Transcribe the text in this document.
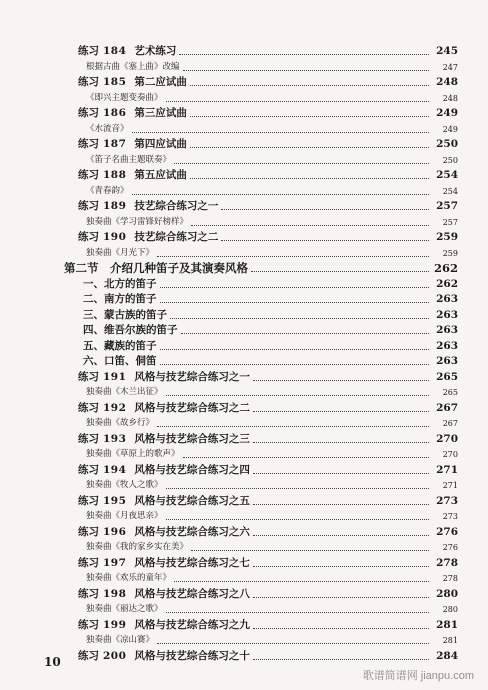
练习 184 艺术练习	245
根据古曲《塞上曲》改编	247
练习 185 第二应试曲	248
《即兴主题变奏曲》	248
练习 186 第三应试曲	249
《水流音》	249
练习 187 第四应试曲	250
《笛子名曲主题联奏》	250
练习 188 第五应试曲	254
《青春韵》	254
练习 189 技艺综合练习之一	257
独奏曲《学习雷锋好榜样》	257
练习 190 技艺综合练习之二	259
独奏曲《月光下》	259
第二节　介绍几种笛子及其演奏风格	262
一、北方的笛子	262
二、南方的笛子	263
三、蒙古族的笛子	263
四、维吾尔族的笛子	263
五、藏族的笛子	263
六、口笛、侗笛	263
练习 191 风格与技艺综合练习之一	265
独奏曲《木兰出征》	265
练习 192 风格与技艺综合练习之二	267
独奏曲《故乡行》	267
练习 193 风格与技艺综合练习之三	270
独奏曲《草原上的歌声》	270
练习 194 风格与技艺综合练习之四	271
独奏曲《牧人之歌》	271
练习 195 风格与技艺综合练习之五	273
独奏曲《月夜思亲》	273
练习 196 风格与技艺综合练习之六	276
独奏曲《我的家乡实在美》	276
练习 197 风格与技艺综合练习之七	278
独奏曲《欢乐的童年》	278
练习 198 风格与技艺综合练习之八	280
独奏曲《丽达之歌》	280
练习 199 风格与技艺综合练习之九	281
独奏曲《凉山赛》	281
练习 200 风格与技艺综合练习之十	284
10
歌谱简谱网 jianpu.com
